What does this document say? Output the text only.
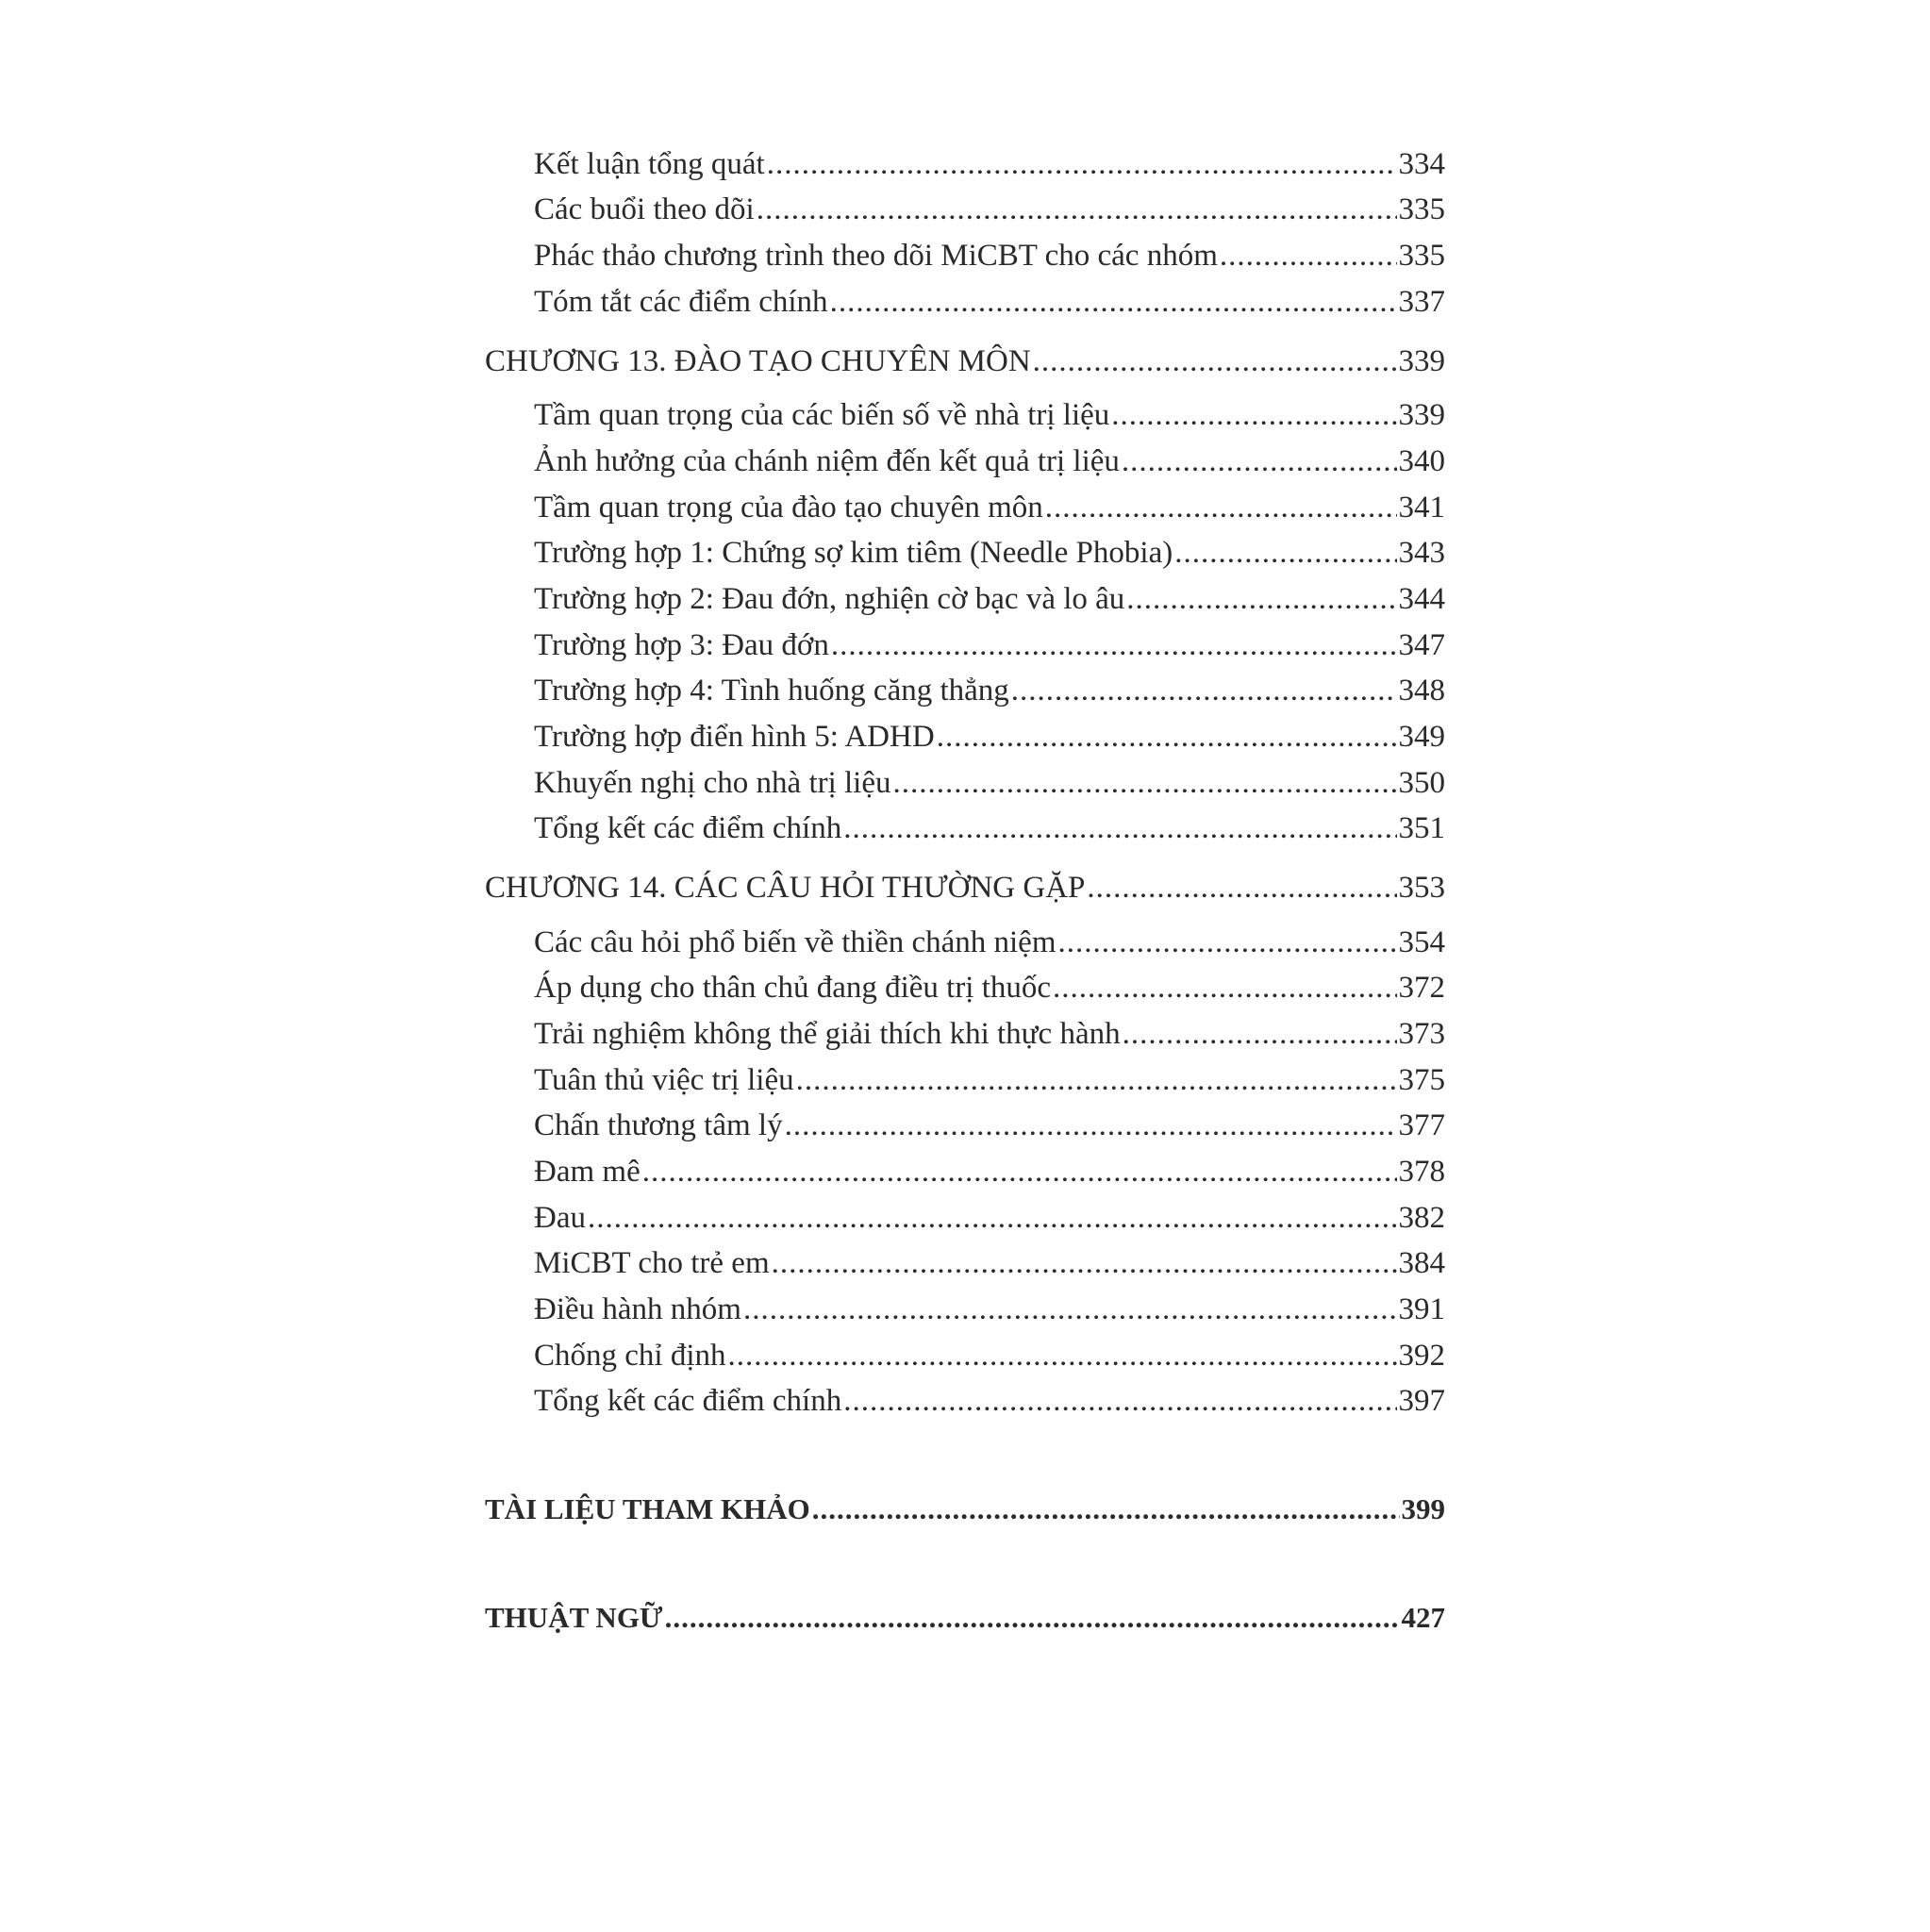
Kết luận tổng quát .....	334
Các buổi theo dõi .....	335
Phác thảo chương trình theo dõi MiCBT cho các nhóm .....	335
Tóm tắt các điểm chính .....	337
CHƯƠNG 13. ĐÀO TẠO CHUYÊN MÔN .....	339
Tầm quan trọng của các biến số về nhà trị liệu .....	339
Ảnh hưởng của chánh niệm đến kết quả trị liệu .....	340
Tầm quan trọng của đào tạo chuyên môn .....	341
Trường hợp 1: Chứng sợ kim tiêm (Needle Phobia) .....	343
Trường hợp 2: Đau đớn, nghiện cờ bạc và lo âu .....	344
Trường hợp 3: Đau đớn .....	347
Trường hợp 4: Tình huống căng thẳng .....	348
Trường hợp điển hình 5: ADHD .....	349
Khuyến nghị cho nhà trị liệu .....	350
Tổng kết các điểm chính .....	351
CHƯƠNG 14. CÁC CÂU HỎI THƯỜNG GẶP .....	353
Các câu hỏi phổ biến về thiền chánh niệm .....	354
Áp dụng cho thân chủ đang điều trị thuốc .....	372
Trải nghiệm không thể giải thích khi thực hành .....	373
Tuân thủ việc trị liệu .....	375
Chấn thương tâm lý .....	377
Đam mê .....	378
Đau .....	382
MiCBT cho trẻ em .....	384
Điều hành nhóm .....	391
Chống chỉ định .....	392
Tổng kết các điểm chính .....	397
TÀI LIỆU THAM KHẢO .....	399
THUẬT NGỮ .....	427
